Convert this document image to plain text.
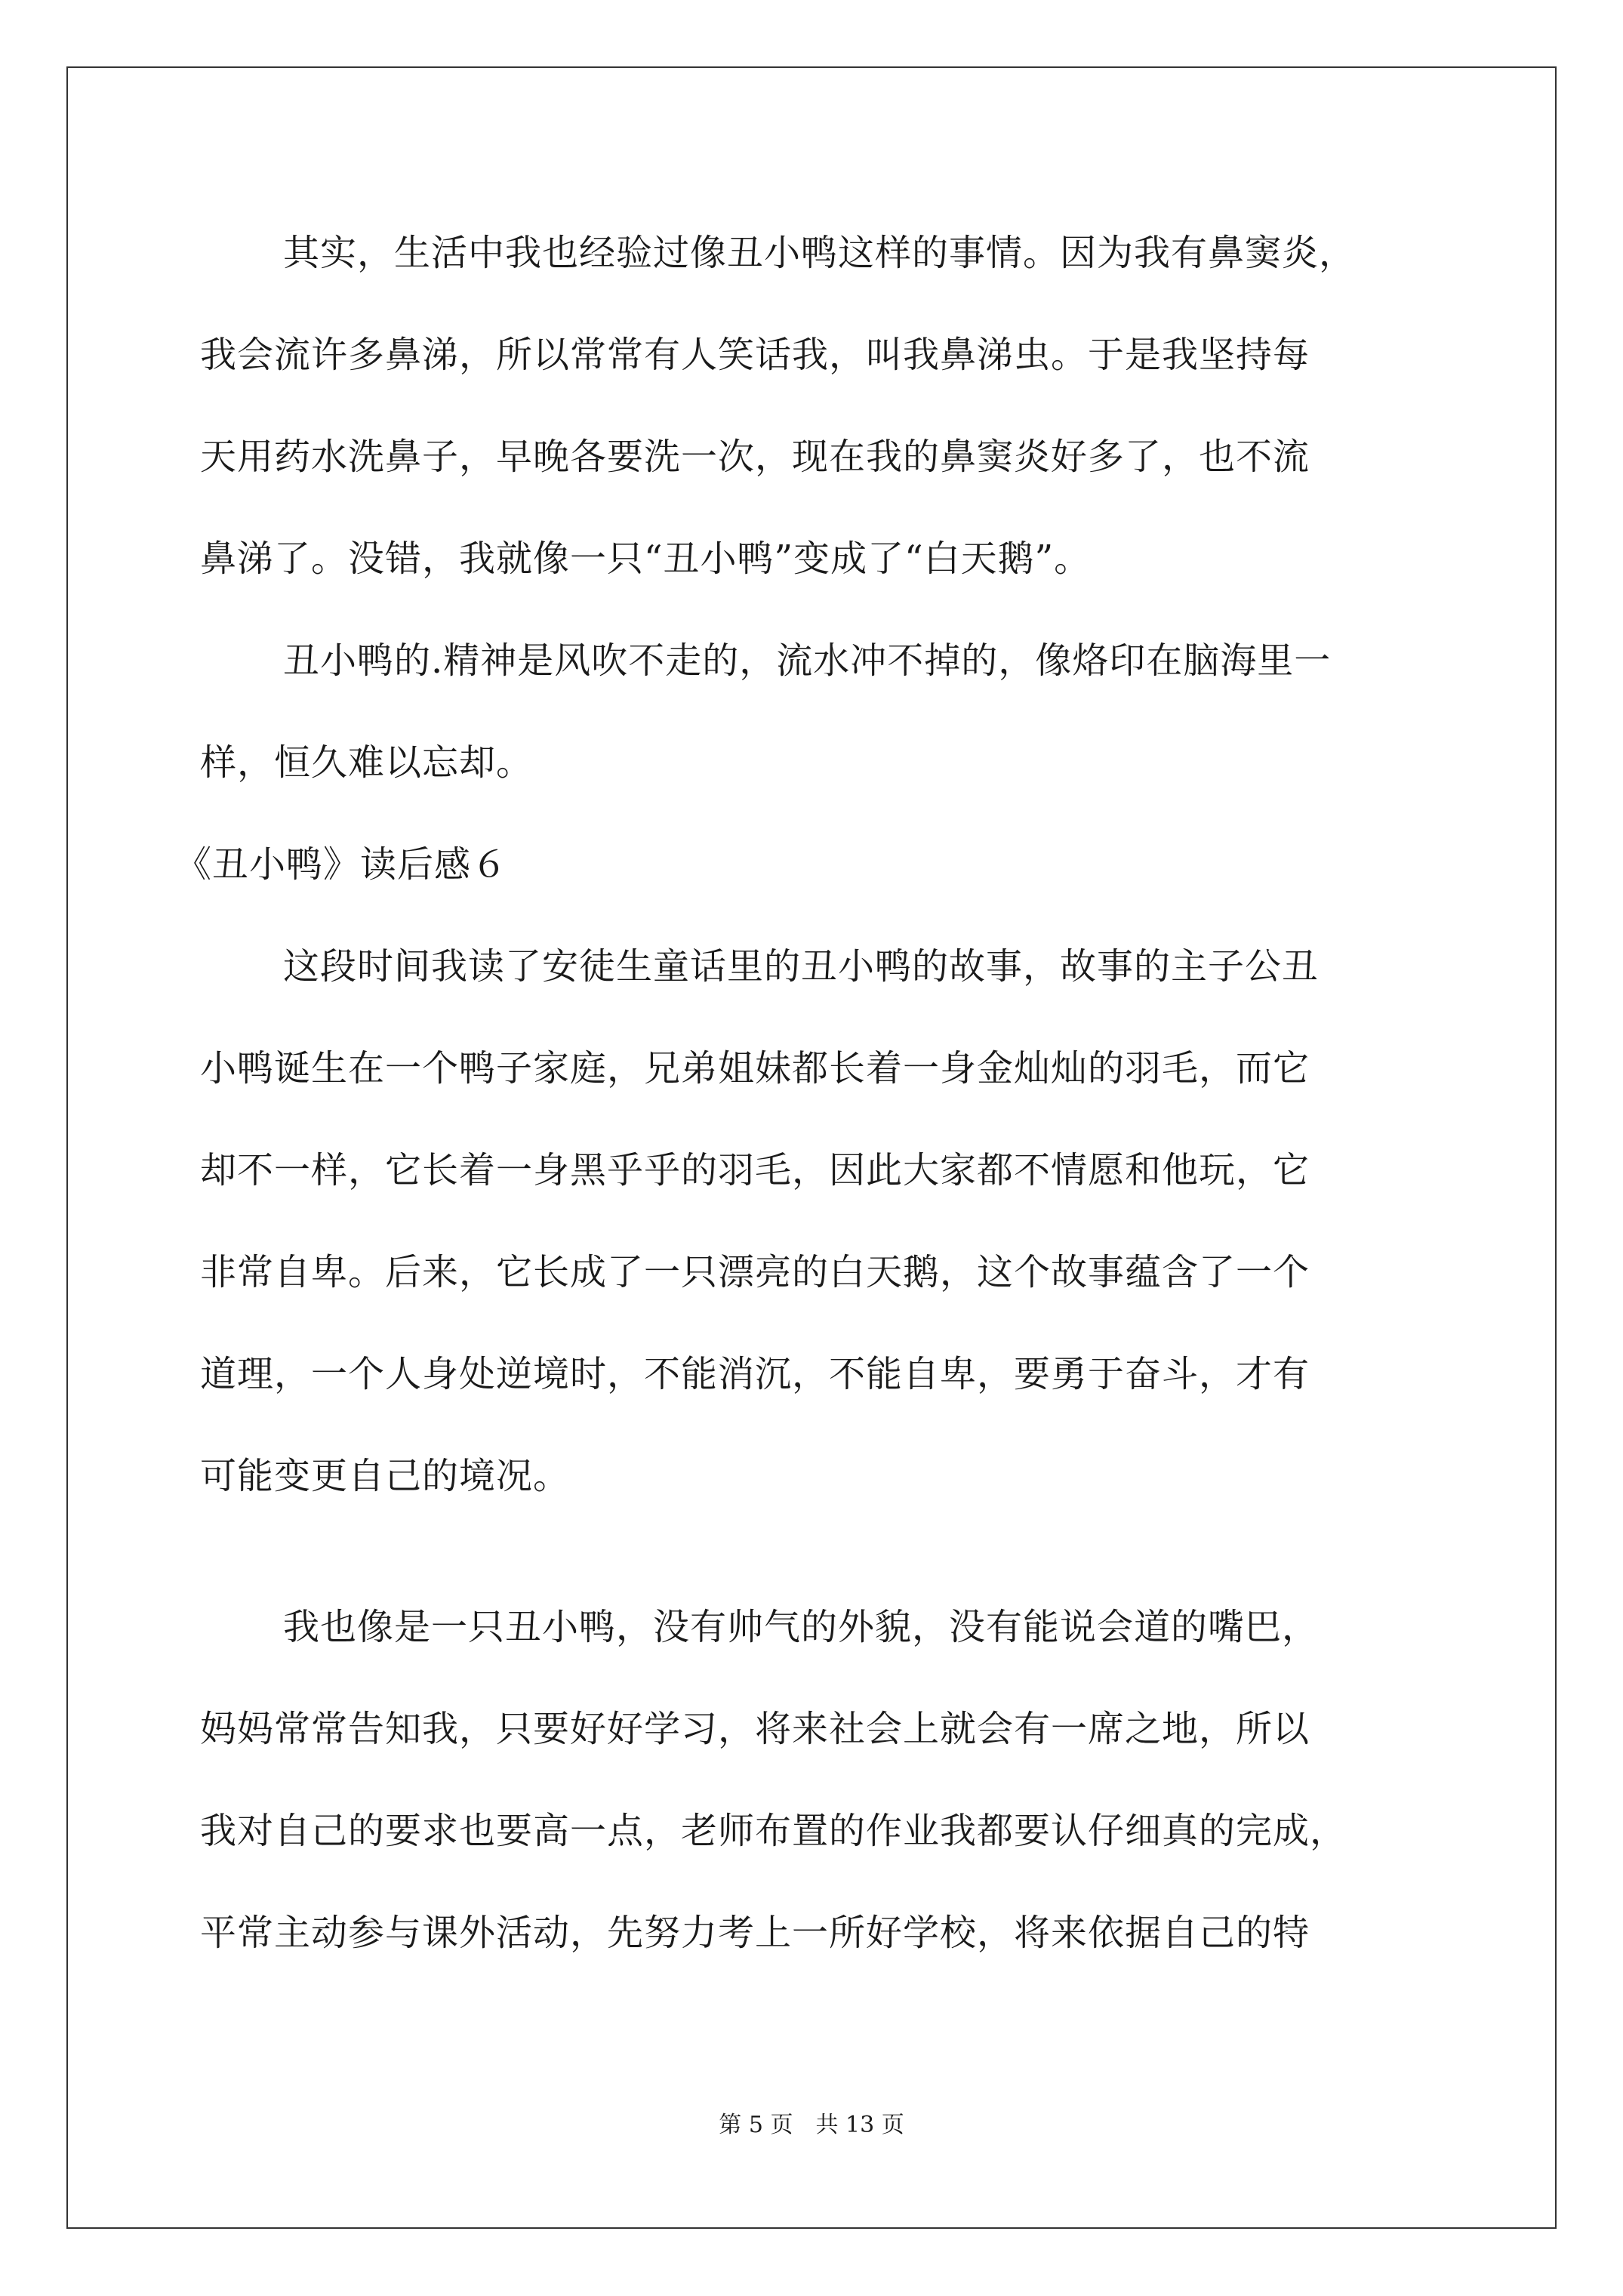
其实，生活中我也经验过像丑小鸭这样的事情。因为我有鼻窦炎，
我会流许多鼻涕，所以常常有人笑话我，叫我鼻涕虫。于是我坚持每
天用药水洗鼻子，早晚各要洗一次，现在我的鼻窦炎好多了，也不流
鼻涕了。没错，我就像一只“丑小鸭”变成了“白天鹅”。
丑小鸭的.精神是风吹不走的，流水冲不掉的，像烙印在脑海里一
样，恒久难以忘却。
《丑小鸭》读后感６
这段时间我读了安徒生童话里的丑小鸭的故事，故事的主子公丑
小鸭诞生在一个鸭子家庭，兄弟姐妹都长着一身金灿灿的羽毛，而它
却不一样，它长着一身黑乎乎的羽毛，因此大家都不情愿和他玩，它
非常自卑。后来，它长成了一只漂亮的白天鹅，这个故事蕴含了一个
道理，一个人身处逆境时，不能消沉，不能自卑，要勇于奋斗，才有
可能变更自己的境况。
我也像是一只丑小鸭，没有帅气的外貌，没有能说会道的嘴巴，
妈妈常常告知我，只要好好学习，将来社会上就会有一席之地，所以
我对自己的要求也要高一点，老师布置的作业我都要认仔细真的完成，
平常主动参与课外活动，先努力考上一所好学校，将来依据自己的特
第 5 页　共 13 页
